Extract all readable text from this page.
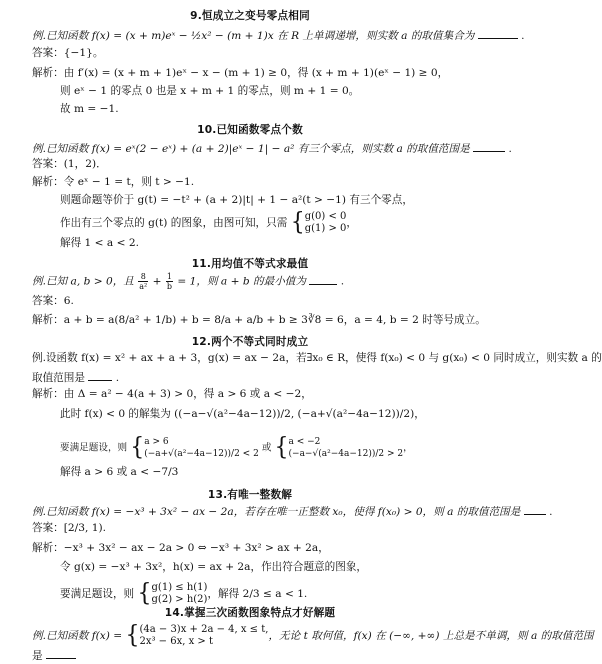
9.恒成立之变号零点相同
例.已知函数 f(x) = (x + m)eˣ − ½x² − (m + 1)x 在 R 上单调递增，则实数 a 的取值集合为	.
答案：{−1}。
解析：由 f′(x) = (x + m + 1)eˣ − x − (m + 1) ≥ 0，得 (x + m + 1)(eˣ − 1) ≥ 0，
则 eˣ − 1 的零点 0 也是 x + m + 1 的零点，则 m + 1 = 0。
故 m = −1.
10.已知函数零点个数
例.已知函数 f(x) = eˣ(2 − eˣ) + (a + 2)|eˣ − 1| − a² 有三个零点，则实数 a 的取值范围是	.
答案：(1，2)．
解析：令 eˣ − 1 = t，则 t > −1.
则题命题等价于 g(t) = −t² + (a + 2)|t| + 1 − a²(t > −1) 有三个零点，
作出有三个零点的 g(t) 的图象，由图可知，只需 { g(0) < 0
g(1) > 0 ，
解得 1 < a < 2.
11.用均值不等式求最值
例.已知 a, b > 0，且 $\frac{8}{\text{a²}} + \frac{1}{b} = 1$，则 a + b 的最小值为	.
答案：6.
解析：a + b = a(8/a² + 1/b) + b = 8/a + a/b + b ≥ 3∛8 = 6，a = 4, b = 2 时等号成立。
12.两个不等式同时成立
例.设函数 f(x) = x² + ax + a + 3，g(x) = ax − 2a，若∃x₀ ∈ R，使得 f(x₀) < 0 与 g(x₀) < 0 同时成立，则实数 a 的
取值范围是	.
解析：由 Δ = a² − 4(a + 3) > 0，得 a > 6 或 a < −2，
此时 f(x) < 0 的解集为 ((−a−√(a²−4a−12))/2, (−a+√(a²−4a−12))/2)，
要满足题设，则 { a > 6
(−a+√(a²−4a−12))/2 < 2
或 { a < −2
(−a−√(a²−4a−12))/2 > 2
，
解得 a > 6 或 a < −7/3
13.有唯一整数解
例.已知函数 f(x) = −x³ + 3x² − ax − 2a，若存在唯一正整数 x₀，使得 f(x₀) > 0，则 a 的取值范围是	.
答案：[2/3, 1).
解析：−x³ + 3x² − ax − 2a > 0 ⇔ −x³ + 3x² > ax + 2a，
令 g(x) = −x³ + 3x²，h(x) = ax + 2a，作出符合题意的图象，
要满足题设，则 { g(1) ≤ h(1)
g(2) > h(2) ，解得 2/3 ≤ a < 1.
14.掌握三次函数图象特点才好解题
例.已知函数 f(x) = { (4a − 3)x + 2a − 4, x ≤ t,
2x³ − 6x, x > t	，无论 t 取何值，f(x) 在 (−∞, +∞) 上总是不单调，则 a 的取值范围
是
